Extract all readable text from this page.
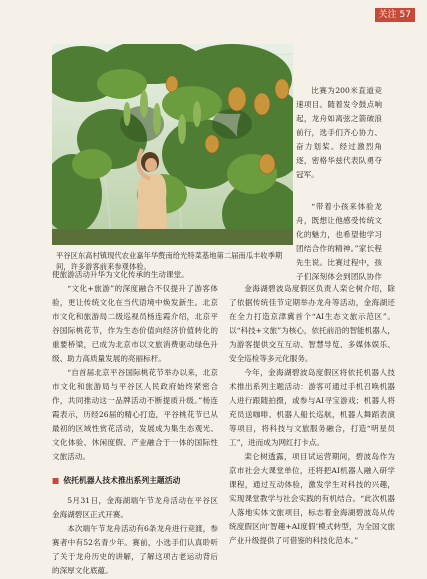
关注 57
平谷区东高村镇现代农业嘉年华赘南给光特菜基地第二届南瓜丰收季期间，许多游客前来参观体验。

比赛为200米直道竞速项目。随着发令鼓点响起，龙舟如离弦之箭破浪前行，选手们齐心协力、奋力划桨。经过激烈角逐，密格华兹代表队勇夺冠军。

“带着小孩来体验龙舟，既想让他感受传统文化的魅力，也希望他学习团结合作的精神。”家长程先生说。比赛过程中，孩子们深刻体会到团队协作

使旅游活动升华为文化传承的生动课堂。

“文化+旅游”的深度融合不仅提升了游客体验，更让传统文化在当代语境中焕发新生。北京市文化和旅游局二级巡视员杨连霞介绍，北京平谷国际桃花节，作为生态价值向经济价值转化的重要桥梁，已成为北京市以文旅消费驱动绿色升级、助力高质量发展的亮丽标杆。

“自首届北京平谷国际桃花节举办以来，北京市文化和旅游局与平谷区人民政府始终紧密合作，共同推动这一品牌活动不断提质升级。”杨连霞表示，历经26届的精心打造，平谷桃花节已从最初的区域性赏花活动，发展成为集生态观光、文化体验、休闲度假、产业融合于一体的国际性文旅活动。

■ 依托机器人技术推出系列主题活动

5月31日，金海湖端午节龙舟活动在平谷区金海湖碧区正式开赛。

本次端午节龙舟活动有6条龙舟进行竞渡，参赛者中有52名青少年。赛前，小选手们认真聆听了关于龙舟历史的讲解，了解这项古老运动背后的深厚文化底蕴。

金海湖碧波岛度假区负责人栾仑树介绍，除了依据传统佳节定期举办龙舟等活动，金海湖还在全力打造京津冀首个“AI生态文旅示范区”。以“科技+文旅”为核心，依托前沿的智能机器人，为游客提供交互互动、智慧导览、多媒体娱乐、安全巡检等多元化服务。

今年，金海湖碧波岛度假区将依托机器人技术推出系列主题活动：游客可通过手机召唤机器人进行跟随拍摄，或参与AI寻宝游戏；机器人将充员送咖啡、机器人船长巡航，机器人舞蹈表演等项目，将科技与文旅服务融合，打造“明星员工”，进而成为网红打卡点。

栾仑树透露，项目试运营期间，碧波岛作为京市社会大课堂单位，还将把AI机器人融入研学课程，通过互动体验，激发学生对科技的兴趣，实现课堂教学与社会实践的有机结合。“此次机器人落地实体文旅项目，标志着金海湖碧波岛从传统度假区向‘智趣+AI度假’模式转型，为全国文旅产业升级提供了可借鉴的科技化范本。”
